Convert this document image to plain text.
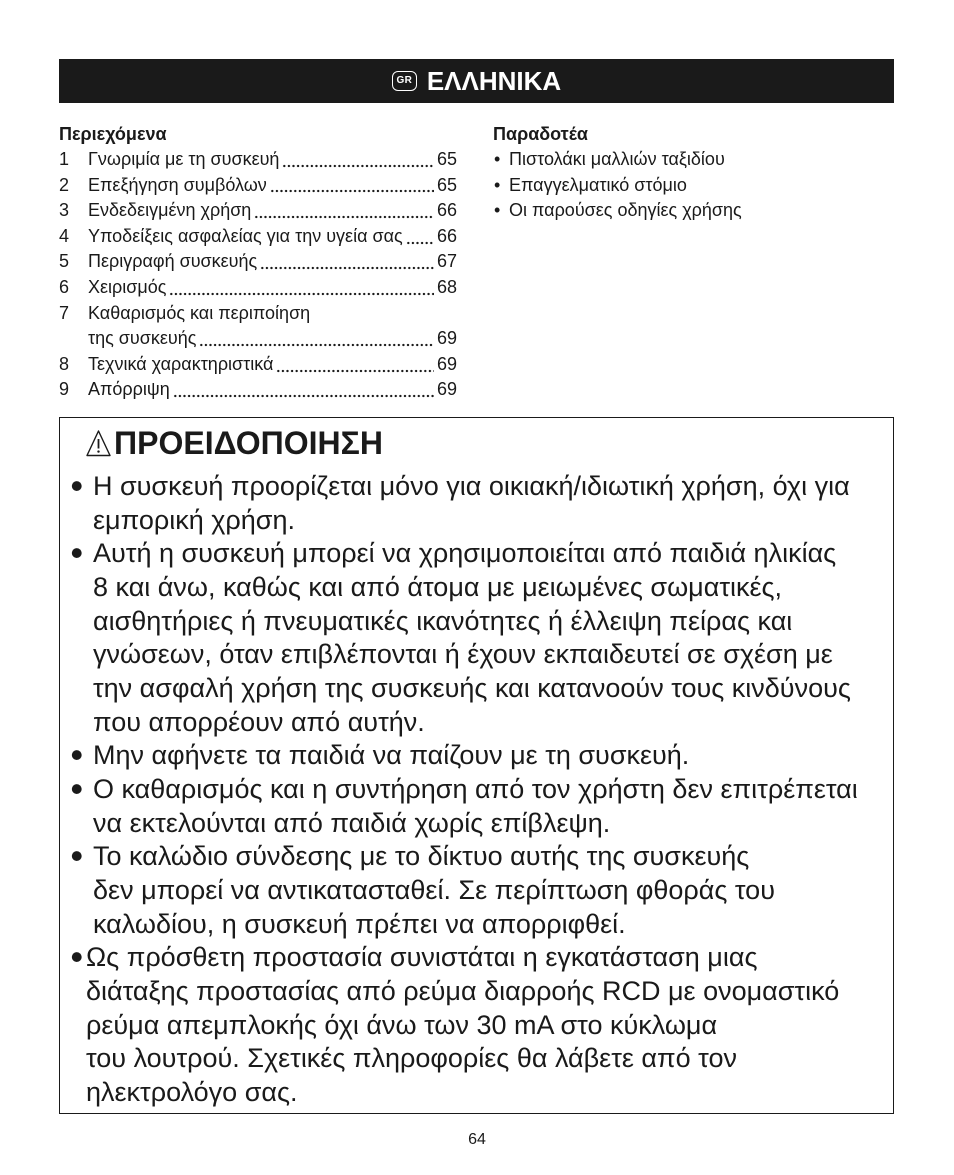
GR ΕΛΛΗΝΙΚΑ
Περιεχόμενα
1	Γνωριμία με τη συσκευή	65
2	Επεξήγηση συμβόλων	65
3	Ενδεδειγμένη χρήση	66
4	Υποδείξεις ασφαλείας για την υγεία σας 66
5	Περιγραφή συσκευής	67
6	Χειρισμός	68
7	Καθαρισμός και περιποίηση
της συσκευής	69
8	Τεχνικά χαρακτηριστικά	69
9	Απόρριψη	69
Παραδοτέα
• Πιστολάκι μαλλιών ταξιδίου
• Επαγγελματικό στόμιο
• Οι παρούσες οδηγίες χρήσης
ΠΡΟΕΙΔΟΠΟΙΗΣΗ
• Η συσκευή προορίζεται μόνο για οικιακή/ιδιωτική χρήση, όχι για
εμπορική χρήση.
• Αυτή η συσκευή μπορεί να χρησιμοποιείται από παιδιά ηλικίας
8 και άνω, καθώς και από άτομα με μειωμένες σωματικές,
αισθητήριες ή πνευματικές ικανότητες ή έλλειψη πείρας και
γνώσεων, όταν επιβλέπονται ή έχουν εκπαιδευτεί σε σχέση με
την ασφαλή χρήση της συσκευής και κατανοούν τους κινδύνους
που απορρέουν από αυτήν.
• Μην αφήνετε τα παιδιά να παίζουν με τη συσκευή.
• Ο καθαρισμός και η συντήρηση από τον χρήστη δεν επιτρέπεται
να εκτελούνται από παιδιά χωρίς επίβλεψη.
• Το καλώδιο σύνδεσης με το δίκτυο αυτής της συσκευής
δεν μπορεί να αντικατασταθεί. Σε περίπτωση φθοράς του
καλωδίου, η συσκευή πρέπει να απορριφθεί.
• Ως πρόσθετη προστασία συνιστάται η εγκατάσταση μιας
διάταξης προστασίας από ρεύμα διαρροής RCD με ονομαστικό
ρεύμα απεμπλοκής όχι άνω των 30 mA στο κύκλωμα
του λουτρού. Σχετικές πληροφορίες θα λάβετε από τον
ηλεκτρολόγο σας.
64
